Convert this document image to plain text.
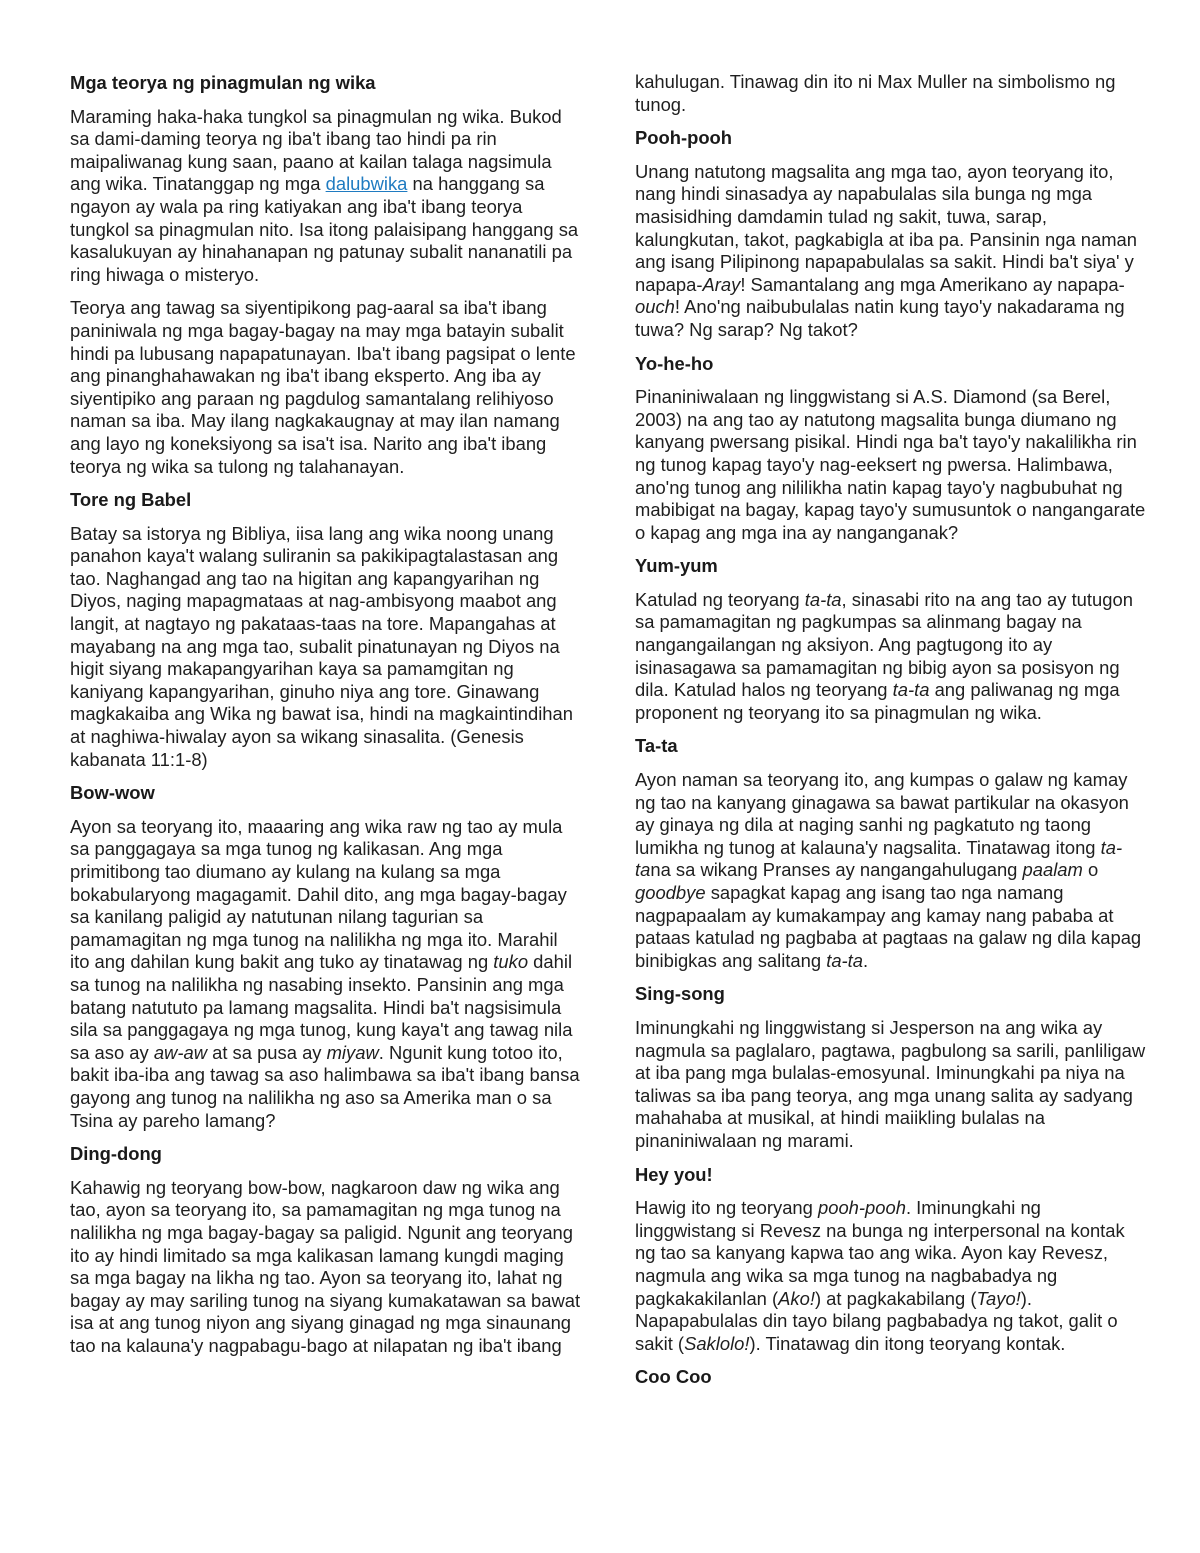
Mga teorya ng pinagmulan ng wika

Maraming haka-haka tungkol sa pinagmulan ng wika. Bukod sa dami-daming teorya ng iba't ibang tao hindi pa rin maipaliwanag kung saan, paano at kailan talaga nagsimula ang wika. Tinatanggap ng mga dalubwika na hanggang sa ngayon ay wala pa ring katiyakan ang iba't ibang teorya tungkol sa pinagmulan nito. Isa itong palaisipang hanggang sa kasalukuyan ay hinahanapan ng patunay subalit nananatili pa ring hiwaga o misteryo.

Teorya ang tawag sa siyentipikong pag-aaral sa iba't ibang paniniwala ng mga bagay-bagay na may mga batayin subalit hindi pa lubusang napapatunayan. Iba't ibang pagsipat o lente ang pinanghahawakan ng iba't ibang eksperto. Ang iba ay siyentipiko ang paraan ng pagdulog samantalang relihiyoso naman sa iba. May ilang nagkakaugnay at may ilan namang ang layo ng koneksiyong sa isa't isa. Narito ang iba't ibang teorya ng wika sa tulong ng talahanayan.

Tore ng Babel

Batay sa istorya ng Bibliya, iisa lang ang wika noong unang panahon kaya't walang suliranin sa pakikipagtalastasan ang tao. Naghangad ang tao na higitan ang kapangyarihan ng Diyos, naging mapagmataas at nag-ambisyong maabot ang langit, at nagtayo ng pakataas-taas na tore. Mapangahas at mayabang na ang mga tao, subalit pinatunayan ng Diyos na higit siyang makapangyarihan kaya sa pamamgitan ng kaniyang kapangyarihan, ginuho niya ang tore. Ginawang magkakaiba ang Wika ng bawat isa, hindi na magkaintindihan at naghiwa-hiwalay ayon sa wikang sinasalita. (Genesis kabanata 11:1-8)

Bow-wow

Ayon sa teoryang ito, maaaring ang wika raw ng tao ay mula sa panggagaya sa mga tunog ng kalikasan. Ang mga primitibong tao diumano ay kulang na kulang sa mga bokabularyong magagamit. Dahil dito, ang mga bagay-bagay sa kanilang paligid ay natutunan nilang tagurian sa pamamagitan ng mga tunog na nalilikha ng mga ito. Marahil ito ang dahilan kung bakit ang tuko ay tinatawag ng tuko dahil sa tunog na nalilikha ng nasabing insekto. Pansinin ang mga batang natututo pa lamang magsalita. Hindi ba't nagsisimula sila sa panggagaya ng mga tunog, kung kaya't ang tawag nila sa aso ay aw-aw at sa pusa ay miyaw. Ngunit kung totoo ito, bakit iba-iba ang tawag sa aso halimbawa sa iba't ibang bansa gayong ang tunog na nalilikha ng aso sa Amerika man o sa Tsina ay pareho lamang?

Ding-dong

Kahawig ng teoryang bow-bow, nagkaroon daw ng wika ang tao, ayon sa teoryang ito, sa pamamagitan ng mga tunog na nalilikha ng mga bagay-bagay sa paligid. Ngunit ang teoryang ito ay hindi limitado sa mga kalikasan lamang kungdi maging sa mga bagay na likha ng tao. Ayon sa teoryang ito, lahat ng bagay ay may sariling tunog na siyang kumakatawan sa bawat isa at ang tunog niyon ang siyang ginagad ng mga sinaunang tao na kalauna'y nagpabagu-bago at nilapatan ng iba't ibang

kahulugan. Tinawag din ito ni Max Muller na simbolismo ng tunog.

Pooh-pooh

Unang natutong magsalita ang mga tao, ayon teoryang ito, nang hindi sinasadya ay napabulalas sila bunga ng mga masisidhing damdamin tulad ng sakit, tuwa, sarap, kalungkutan, takot, pagkabigla at iba pa. Pansinin nga naman ang isang Pilipinong napapabulalas sa sakit. Hindi ba't siya' y napapa-Aray! Samantalang ang mga Amerikano ay napapa-ouch! Ano'ng naibubulalas natin kung tayo'y nakadarama ng tuwa? Ng sarap? Ng takot?

Yo-he-ho

Pinaniniwalaan ng linggwistang si A.S. Diamond (sa Berel, 2003) na ang tao ay natutong magsalita bunga diumano ng kanyang pwersang pisikal. Hindi nga ba't tayo'y nakalilikha rin ng tunog kapag tayo'y nag-eeksert ng pwersa. Halimbawa, ano'ng tunog ang nililikha natin kapag tayo'y nagbubuhat ng mabibigat na bagay, kapag tayo'y sumusuntok o nangangarate o kapag ang mga ina ay nanganganak?

Yum-yum

Katulad ng teoryang ta-ta, sinasabi rito na ang tao ay tutugon sa pamamagitan ng pagkumpas sa alinmang bagay na nangangailangan ng aksiyon. Ang pagtugong ito ay isinasagawa sa pamamagitan ng bibig ayon sa posisyon ng dila. Katulad halos ng teoryang ta-ta ang paliwanag ng mga proponent ng teoryang ito sa pinagmulan ng wika.

Ta-ta

Ayon naman sa teoryang ito, ang kumpas o galaw ng kamay ng tao na kanyang ginagawa sa bawat partikular na okasyon ay ginaya ng dila at naging sanhi ng pagkatuto ng taong lumikha ng tunog at kalauna'y nagsalita. Tinatawag itong ta-tana sa wikang Pranses ay nangangahulugang paalam o goodbye sapagkat kapag ang isang tao nga namang nagpapaalam ay kumakampay ang kamay nang pababa at pataas katulad ng pagbaba at pagtaas na galaw ng dila kapag binibigkas ang salitang ta-ta.

Sing-song

Iminungkahi ng linggwistang si Jesperson na ang wika ay nagmula sa paglalaro, pagtawa, pagbulong sa sarili, panliligaw at iba pang mga bulalas-emosyunal. Iminungkahi pa niya na taliwas sa iba pang teorya, ang mga unang salita ay sadyang mahahaba at musikal, at hindi maiikling bulalas na pinaniniwalaan ng marami.

Hey you!

Hawig ito ng teoryang pooh-pooh. Iminungkahi ng linggwistang si Revesz na bunga ng interpersonal na kontak ng tao sa kanyang kapwa tao ang wika. Ayon kay Revesz, nagmula ang wika sa mga tunog na nagbabadya ng pagkakakilanlan (Ako!) at pagkakabilang (Tayo!). Napapabulalas din tayo bilang pagbabadya ng takot, galit o sakit (Saklolo!). Tinatawag din itong teoryang kontak.

Coo Coo
